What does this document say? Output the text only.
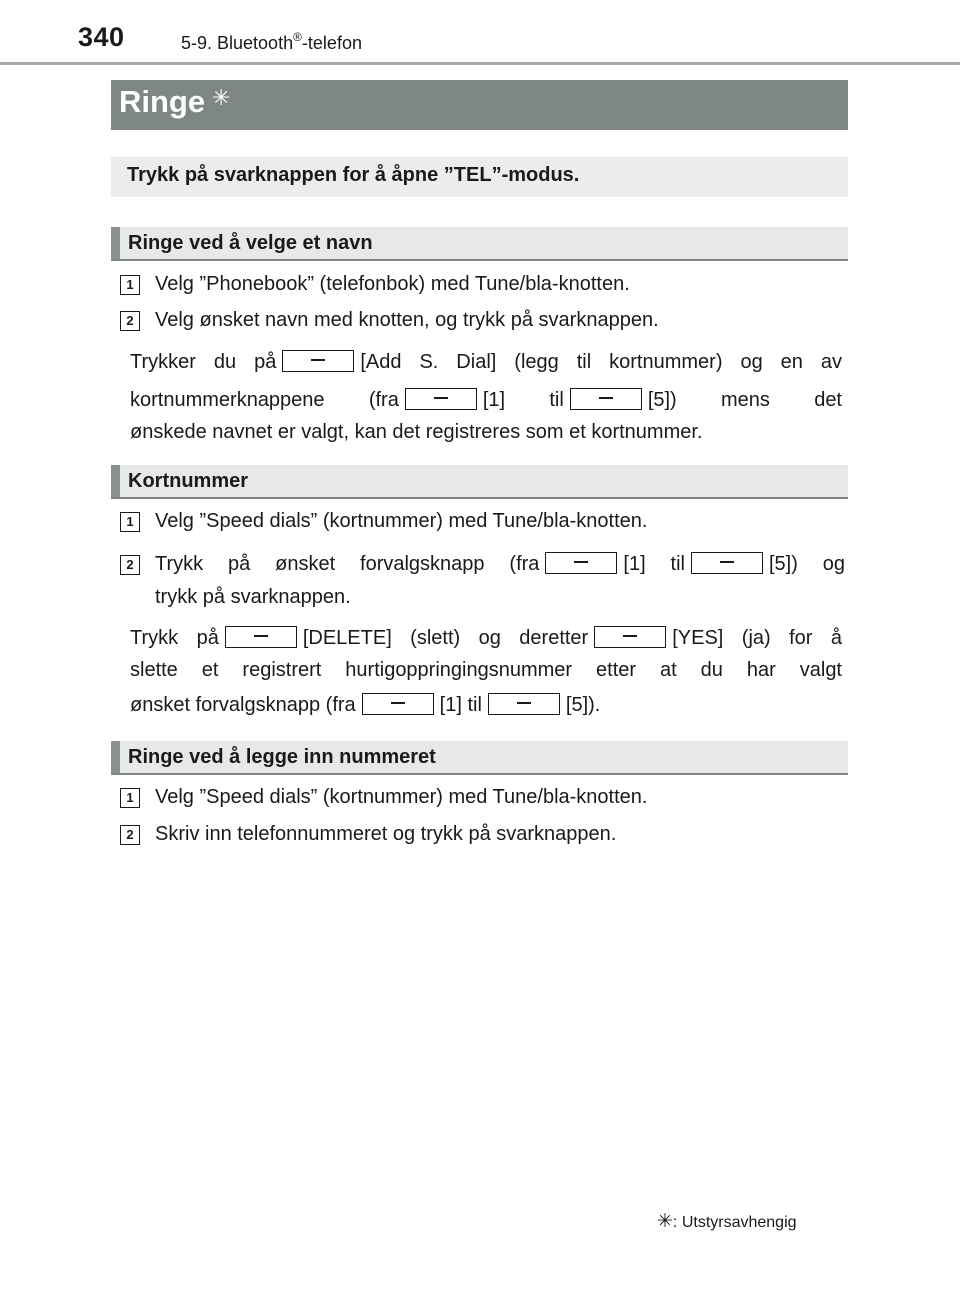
340	5-9. Bluetooth®-telefon
Ringe ✳
Trykk på svarknappen for å åpne ”TEL”-modus.
Ringe ved å velge et navn
1	Velg ”Phonebook” (telefonbok) med Tune/bla-knotten.
2	Velg ønsket navn med knotten, og trykk på svarknappen.
Trykker du på	[Add S. Dial] (legg til kortnummer) og en av
kortnummerknappene (fra	[1] til	[5]) mens det
ønskede navnet er valgt, kan det registreres som et kortnummer.
Kortnummer
1	Velg ”Speed dials” (kortnummer) med Tune/bla-knotten.
2	Trykk på ønsket forvalgsknapp (fra	[1] til	[5]) og
trykk på svarknappen.
Trykk på	[DELETE] (slett) og deretter	[YES] (ja) for å
slette et registrert hurtigoppringingsnummer etter at du har valgt
ønsket forvalgsknapp (fra	[1] til	[5]).
Ringe ved å legge inn nummeret
1	Velg ”Speed dials” (kortnummer) med Tune/bla-knotten.
2	Skriv inn telefonnummeret og trykk på svarknappen.
✳: Utstyrsavhengig
